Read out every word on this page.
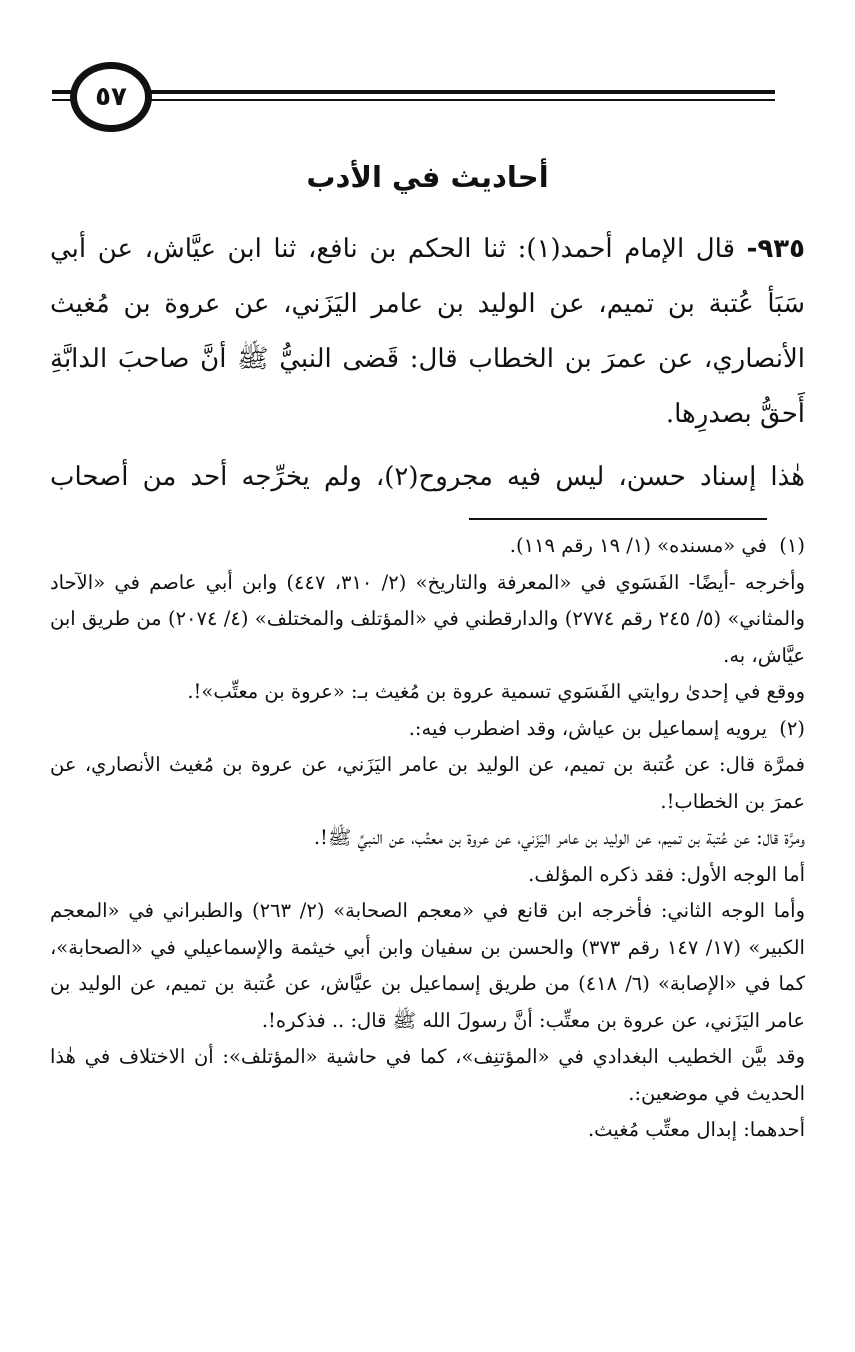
٥٧
أحاديث في الأدب

٩٣٥- قال الإمام أحمد(١): ثنا الحكم بن نافع، ثنا ابن عيَّاش، عن أبي سَبَأ عُتبة بن تميم، عن الوليد بن عامر اليَزَني، عن عروة بن مُغيث الأنصاري، عن عمرَ بن الخطاب قال: قَضى النبيُّ ﷺ أنَّ صاحبَ الدابَّةِ أَحقُّ بصدرِها.

هٰذا إسناد حسن، ليس فيه مجروح(٢)، ولم يخرِّجه أحد من أصحاب

(١)

في «مسنده» (١/ ١٩ رقم ١١٩).

وأخرجه -أيضًا- الفَسَوي في «المعرفة والتاريخ» (٢/ ٣١٠، ٤٤٧) وابن أبي عاصم في «الآحاد والمثاني» (٥/ ٢٤٥ رقم ٢٧٧٤) والدارقطني في «المؤتلف والمختلف» (٤/ ٢٠٧٤) من طريق ابن عيَّاش، به.

ووقع في إحدىٰ روايتي الفَسَوي تسمية عروة بن مُغيث بـ: «عروة بن معتِّب»!.

(٢)

يرويه إسماعيل بن عياش، وقد اضطرب فيه:.

فمرَّة قال: عن عُتبة بن تميم، عن الوليد بن عامر اليَزَني، عن عروة بن مُغيث الأنصاري، عن عمرَ بن الخطاب!.

ومرَّة قال: عن عُتبة بن تميم، عن الوليد بن عامر اليَزَني، عن عروة بن معتِّب، عن النبيِّ ﷺ!.

أما الوجه الأول: فقد ذكره المؤلف.

وأما الوجه الثاني: فأخرجه ابن قانع في «معجم الصحابة» (٢/ ٢٦٣) والطبراني في «المعجم الكبير» (١٧/ ١٤٧ رقم ٣٧٣) والحسن بن سفيان وابن أبي خيثمة والإسماعيلي في «الصحابة»، كما في «الإصابة» (٦/ ٤١٨) من طريق إسماعيل بن عيَّاش، عن عُتبة بن تميم، عن الوليد بن عامر اليَزَني، عن عروة بن معتِّب: أنَّ رسولَ الله ﷺ قال: .. فذكره!.

وقد بيَّن الخطيب البغدادي في «المؤتنِف»، كما في حاشية «المؤتلف»: أن الاختلاف في هٰذا الحديث في موضعين:.

أحدهما: إبدال معتِّب مُغيث.
